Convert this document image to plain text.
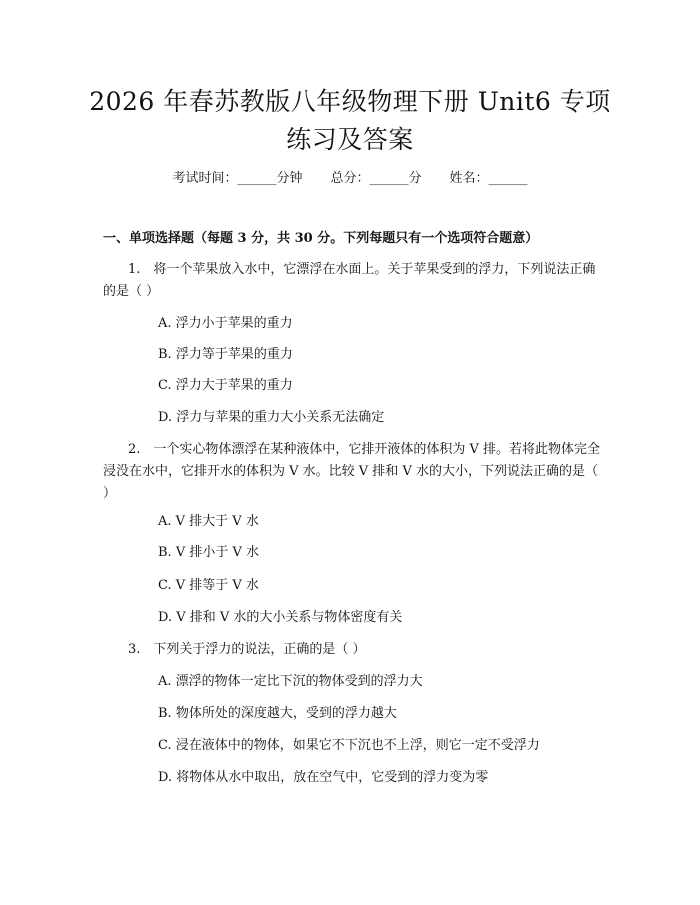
2026 年春苏教版八年级物理下册 Unit6 专项
练习及答案
考试时间：______分钟 总分：______分 姓名：______
一、单项选择题（每题 3 分，共 30 分。下列每题只有一个选项符合题意）
1.　将一个苹果放入水中，它漂浮在水面上。关于苹果受到的浮力，下列说法正确的是（ ）
A. 浮力小于苹果的重力
B. 浮力等于苹果的重力
C. 浮力大于苹果的重力
D. 浮力与苹果的重力大小关系无法确定
2.　一个实心物体漂浮在某种液体中，它排开液体的体积为 V 排。若将此物体完全浸没在水中，它排开水的体积为 V 水。比较 V 排和 V 水的大小，下列说法正确的是（ ）
A. V 排大于 V 水
B. V 排小于 V 水
C. V 排等于 V 水
D. V 排和 V 水的大小关系与物体密度有关
3.　下列关于浮力的说法，正确的是（ ）
A. 漂浮的物体一定比下沉的物体受到的浮力大
B. 物体所处的深度越大，受到的浮力越大
C. 浸在液体中的物体，如果它不下沉也不上浮，则它一定不受浮力
D. 将物体从水中取出，放在空气中，它受到的浮力变为零
